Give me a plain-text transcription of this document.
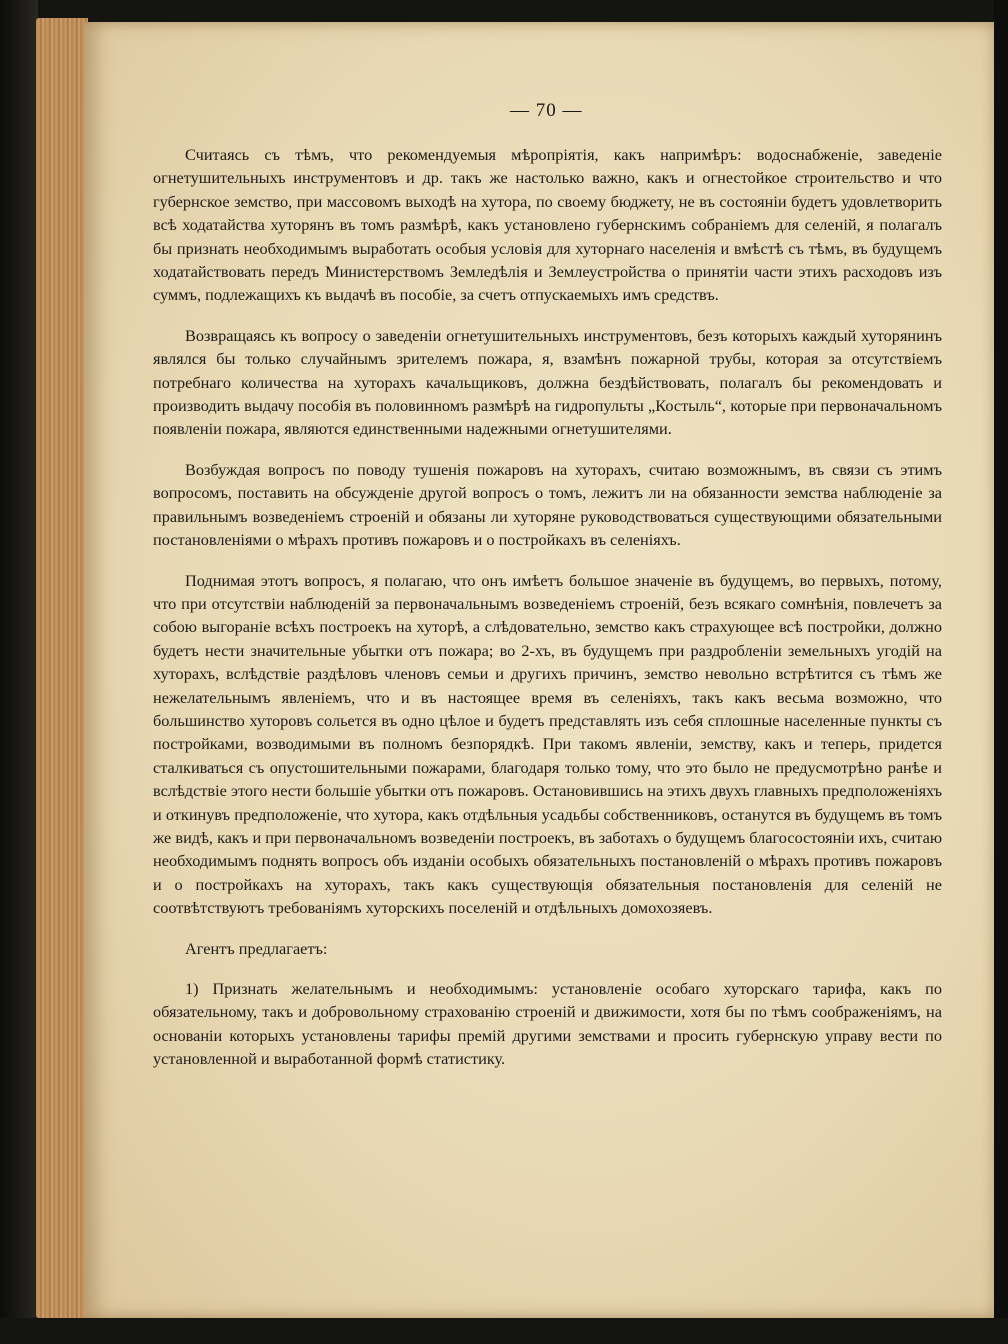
— 70 —

Считаясь съ тѣмъ, что рекомендуемыя мѣропріятія, какъ напримѣръ: водоснабженіе, заведеніе огнетушительныхъ инструментовъ и др. такъ же настолько важно, какъ и огнестойкое строительство и что губернское земство, при массовомъ выходѣ на хутора, по своему бюджету, не въ состояніи будетъ удовлетворить всѣ ходатайства хуторянъ въ томъ размѣрѣ, какъ установлено губернскимъ собраніемъ для селеній, я полагалъ бы признать необходимымъ выработать особыя условія для хуторнаго населенія и вмѣстѣ съ тѣмъ, въ будущемъ ходатайствовать передъ Министерствомъ Земледѣлія и Землеустройства о принятіи части этихъ расходовъ изъ суммъ, подлежащихъ къ выдачѣ въ пособіе, за счетъ отпускаемыхъ имъ средствъ.

Возвращаясь къ вопросу о заведеніи огнетушительныхъ инструментовъ, безъ которыхъ каждый хуторянинъ являлся бы только случайнымъ зрителемъ пожара, я, взамѣнъ пожарной трубы, которая за отсутствіемъ потребнаго количества на хуторахъ качальщиковъ, должна бездѣйствовать, полагалъ бы рекомендовать и производить выдачу пособія въ половинномъ размѣрѣ на гидропульты „Костыль“, которые при первоначальномъ появленіи пожара, являются единственными надежными огнетушителями.

Возбуждая вопросъ по поводу тушенія пожаровъ на хуторахъ, считаю возможнымъ, въ связи съ этимъ вопросомъ, поставить на обсужденіе другой вопросъ о томъ, лежитъ ли на обязанности земства наблюденіе за правильнымъ возведеніемъ строеній и обязаны ли хуторяне руководствоваться существующими обязательными постановленіями о мѣрахъ противъ пожаровъ и о постройкахъ въ селеніяхъ.

Поднимая этотъ вопросъ, я полагаю, что онъ имѣетъ большое значеніе въ будущемъ, во первыхъ, потому, что при отсутствіи наблюденій за первоначальнымъ возведеніемъ строеній, безъ всякаго сомнѣнія, повлечетъ за собою выгораніе всѣхъ построекъ на хуторѣ, а слѣдовательно, земство какъ страхующее всѣ постройки, должно будетъ нести значительные убытки отъ пожара; во 2-хъ, въ будущемъ при раздробленіи земельныхъ угодій на хуторахъ, вслѣдствіе раздѣловъ членовъ семьи и другихъ причинъ, земство невольно встрѣтится съ тѣмъ же нежелательнымъ явленіемъ, что и въ настоящее время въ селеніяхъ, такъ какъ весьма возможно, что большинство хуторовъ сольется въ одно цѣлое и будетъ представлять изъ себя сплошные населенные пункты съ постройками, возводимыми въ полномъ безпорядкѣ. При такомъ явленіи, земству, какъ и теперь, придется сталкиваться съ опустошительными пожарами, благодаря только тому, что это было не предусмотрѣно ранѣе и вслѣдствіе этого нести большіе убытки отъ пожаровъ. Остановившись на этихъ двухъ главныхъ предположеніяхъ и откинувъ предположеніе, что хутора, какъ отдѣльныя усадьбы собственниковъ, останутся въ будущемъ въ томъ же видѣ, какъ и при первоначальномъ возведеніи построекъ, въ заботахъ о будущемъ благосостояніи ихъ, считаю необходимымъ поднять вопросъ объ изданіи особыхъ обязательныхъ постановленій о мѣрахъ противъ пожаровъ и о постройкахъ на хуторахъ, такъ какъ существующія обязательныя постановленія для селеній не соотвѣтствуютъ требованіямъ хуторскихъ поселеній и отдѣльныхъ домохозяевъ.

Агентъ предлагаетъ:

1) Признать желательнымъ и необходимымъ: установленіе особаго хуторскаго тарифа, какъ по обязательному, такъ и добровольному страхованію строеній и движимости, хотя бы по тѣмъ соображеніямъ, на основаніи которыхъ установлены тарифы премій другими земствами и просить губернскую управу вести по установленной и выработанной формѣ статистику.
